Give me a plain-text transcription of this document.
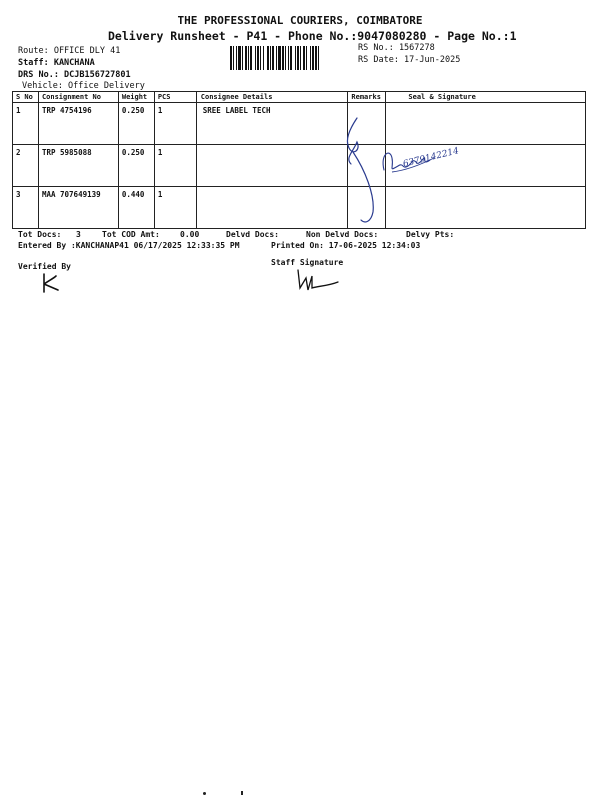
THE PROFESSIONAL COURIERS, COIMBATORE
Delivery Runsheet - P41 - Phone No.:9047080280 - Page No.:1
Route: OFFICE DLY 41
Staff: KANCHANA
DRS No.: DCJB156727801
Vehicle: Office Delivery
RS No.: 1567278
RS Date: 17-Jun-2025
S No	Consignment No	Weight	PCS	Consignee Details	Remarks	Seal & Signature
1	TRP 4754196	0.250	1	SREE LABEL TECH		
2	TRP 5985088	0.250	1			
3	MAA 707649139	0.440	1			
6379142214
Tot Docs: 3	Tot COD Amt:	0.00	Delvd Docs:	Non Delvd Docs:	Delvy Pts:
Entered By :KANCHANAP41 06/17/2025 12:33:35 PM	Printed On: 17-06-2025 12:34:03
Verified By	Staff Signature
